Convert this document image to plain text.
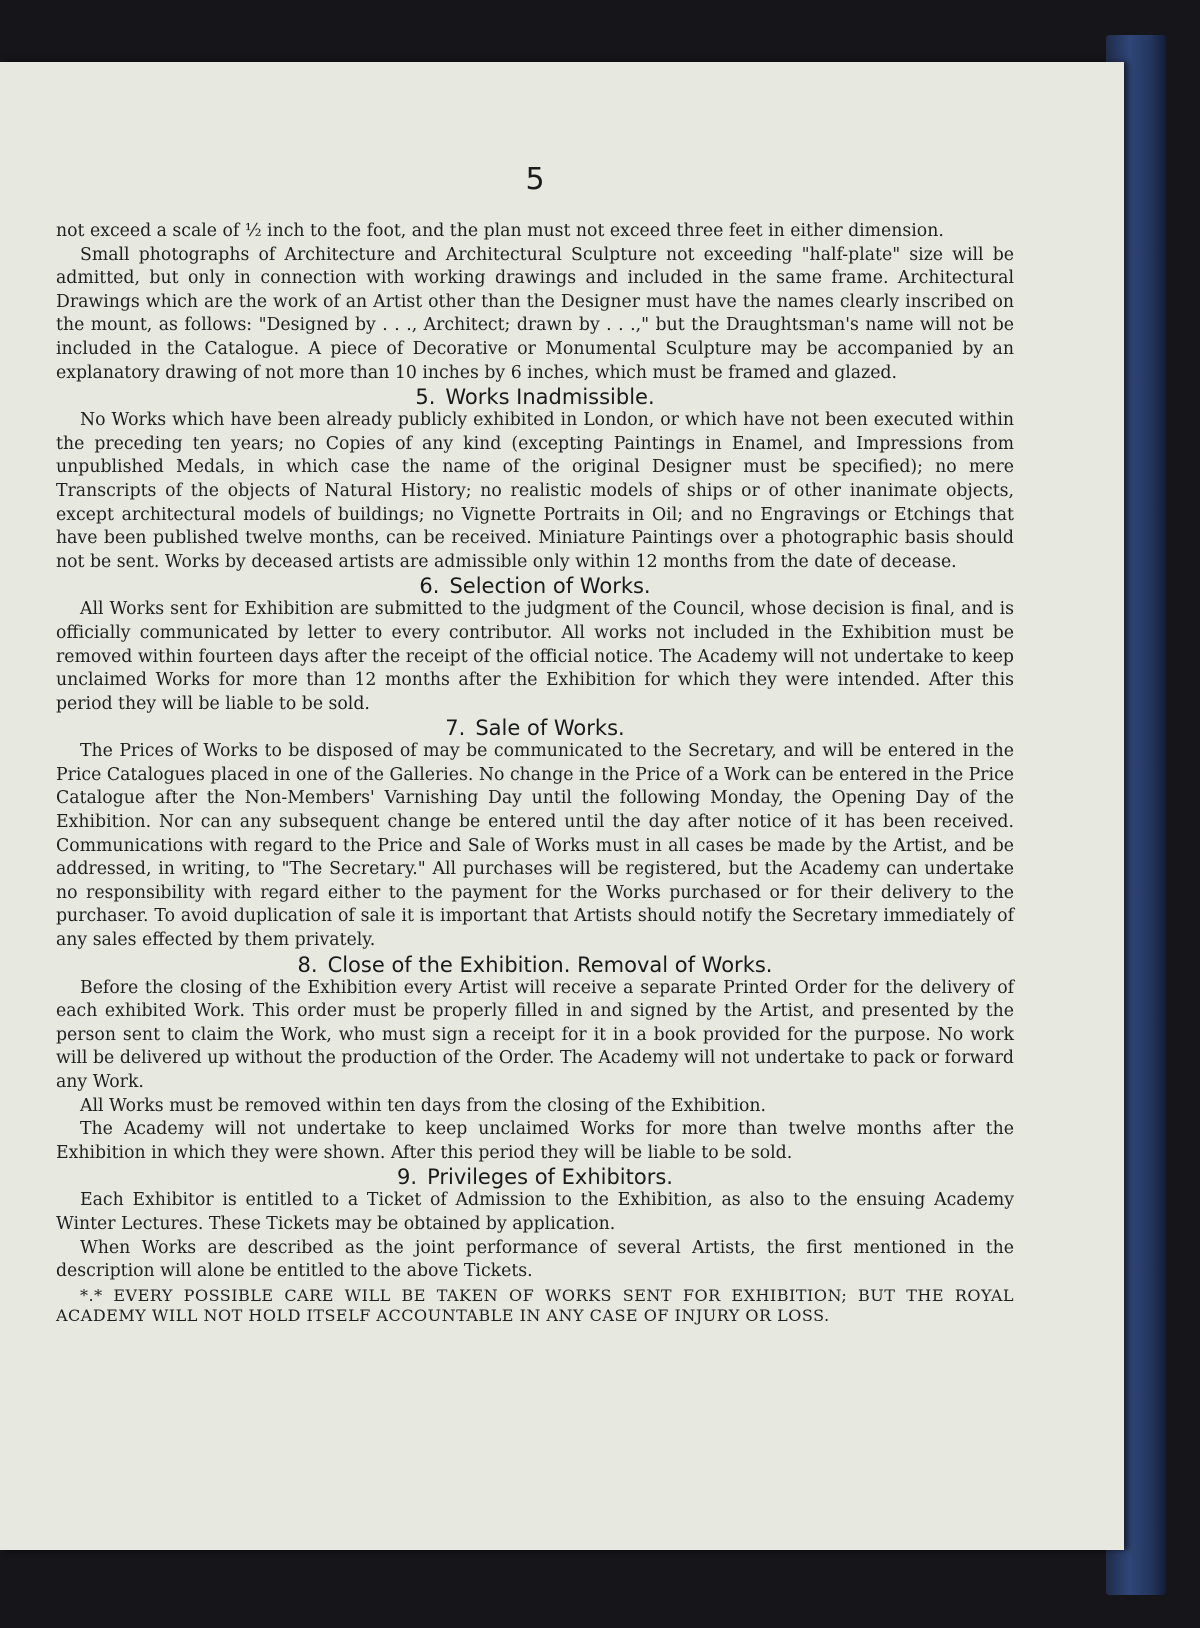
5

not exceed a scale of ½ inch to the foot, and the plan must not exceed three feet in either dimension.

Small photographs of Architecture and Architectural Sculpture not exceeding "half-plate" size will be admitted, but only in connection with working drawings and included in the same frame. Architectural Drawings which are the work of an Artist other than the Designer must have the names clearly inscribed on the mount, as follows: "Designed by . . ., Architect; drawn by . . .," but the Draughtsman's name will not be included in the Catalogue. A piece of Decorative or Monumental Sculpture may be accompanied by an explanatory drawing of not more than 10 inches by 6 inches, which must be framed and glazed.

5. Works Inadmissible.

No Works which have been already publicly exhibited in London, or which have not been executed within the preceding ten years; no Copies of any kind (excepting Paintings in Enamel, and Impressions from unpublished Medals, in which case the name of the original Designer must be specified); no mere Transcripts of the objects of Natural History; no realistic models of ships or of other inanimate objects, except architectural models of buildings; no Vignette Portraits in Oil; and no Engravings or Etchings that have been published twelve months, can be received. Miniature Paintings over a photographic basis should not be sent. Works by deceased artists are admissible only within 12 months from the date of decease.

6. Selection of Works.

All Works sent for Exhibition are submitted to the judgment of the Council, whose decision is final, and is officially communicated by letter to every contributor. All works not included in the Exhibition must be removed within fourteen days after the receipt of the official notice. The Academy will not undertake to keep unclaimed Works for more than 12 months after the Exhibition for which they were intended. After this period they will be liable to be sold.

7. Sale of Works.

The Prices of Works to be disposed of may be communicated to the Secretary, and will be entered in the Price Catalogues placed in one of the Galleries. No change in the Price of a Work can be entered in the Price Catalogue after the Non-Members' Varnishing Day until the following Monday, the Opening Day of the Exhibition. Nor can any subsequent change be entered until the day after notice of it has been received. Communications with regard to the Price and Sale of Works must in all cases be made by the Artist, and be addressed, in writing, to "The Secretary." All purchases will be registered, but the Academy can undertake no responsibility with regard either to the payment for the Works purchased or for their delivery to the purchaser. To avoid duplication of sale it is important that Artists should notify the Secretary immediately of any sales effected by them privately.

8. Close of the Exhibition. Removal of Works.

Before the closing of the Exhibition every Artist will receive a separate Printed Order for the delivery of each exhibited Work. This order must be properly filled in and signed by the Artist, and presented by the person sent to claim the Work, who must sign a receipt for it in a book provided for the purpose. No work will be delivered up without the production of the Order. The Academy will not undertake to pack or forward any Work.

All Works must be removed within ten days from the closing of the Exhibition.

The Academy will not undertake to keep unclaimed Works for more than twelve months after the Exhibition in which they were shown. After this period they will be liable to be sold.

9. Privileges of Exhibitors.

Each Exhibitor is entitled to a Ticket of Admission to the Exhibition, as also to the ensuing Academy Winter Lectures. These Tickets may be obtained by application.

When Works are described as the joint performance of several Artists, the first mentioned in the description will alone be entitled to the above Tickets.

*.* EVERY POSSIBLE CARE WILL BE TAKEN OF WORKS SENT FOR EXHIBITION; BUT THE ROYAL ACADEMY WILL NOT HOLD ITSELF ACCOUNTABLE IN ANY CASE OF INJURY OR LOSS.
